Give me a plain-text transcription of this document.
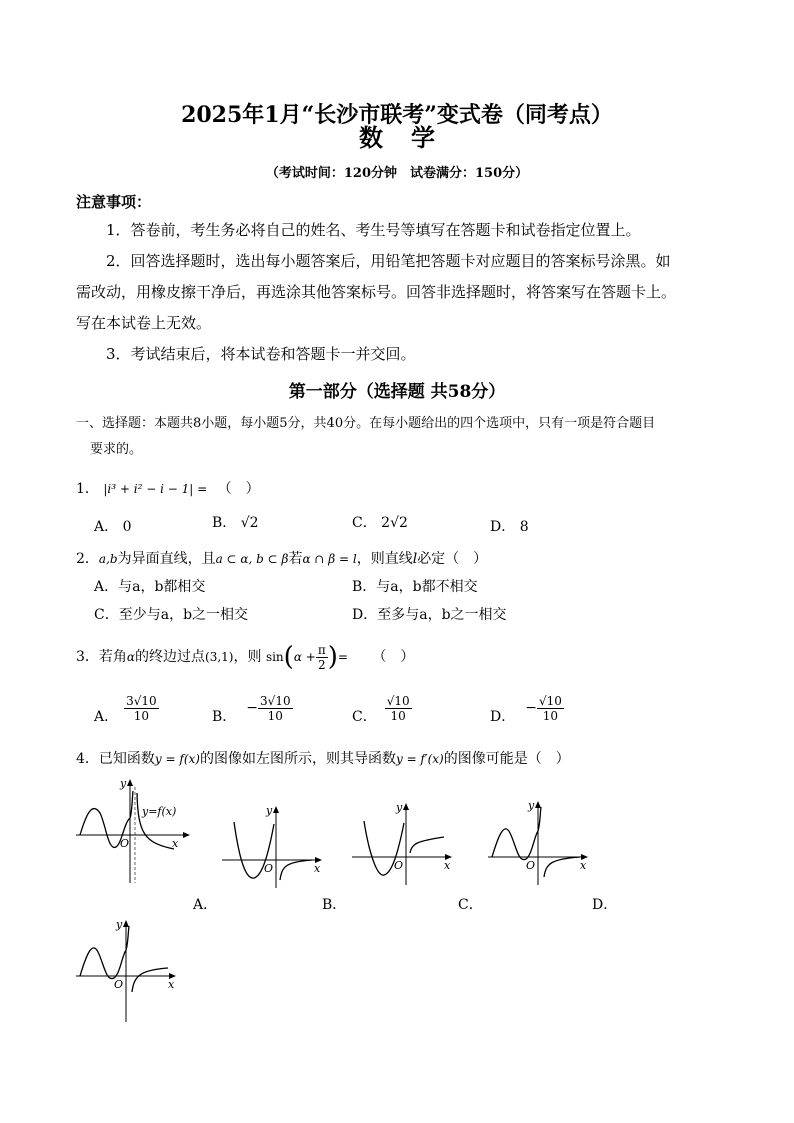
2025年1月“长沙市联考”变式卷（同考点）
数学
（考试时间：120分钟　试卷满分：150分）
注意事项：
1．答卷前，考生务必将自己的姓名、考生号等填写在答题卡和试卷指定位置上。
2．回答选择题时，选出每小题答案后，用铅笔把答题卡对应题目的答案标号涂黑。如
需改动，用橡皮擦干净后，再选涂其他答案标号。回答非选择题时，将答案写在答题卡上。
写在本试卷上无效。
3．考试结束后，将本试卷和答题卡一并交回。
第一部分（选择题 共58分）
一、选择题：本题共8小题，每小题5分，共40分。在每小题给出的四个选项中，只有一项是符合题目
要求的。
1． |i³ + i² − i − 1| = （　）
A． 0	B． √2	C． 2√2	D． 8
2．a,b为异面直线，且a ⊂ α, b ⊂ β若α ∩ β = l，则直线l必定（　）
A．与a，b都相交	B．与a，b都不相交
C．至少与a，b之一相交	D．至多与a，b之一相交
3．若角α的终边过点(3,1)，则 sin ( $\alpha + \frac{\pi}{2}$ ) = （　）
A． $\frac{3√10}{10}$	B．
− $\frac{3√10}{10}$	C． $\frac{√10}{10}$	D．
− $\frac{√10}{10}$
4．已知函数y = f(x)的图像如左图所示，则其导函数y = f′(x)的图像可能是（　）
y
y=f(x)
O	x
y
O	x
y
O	x
y
O	x
A．	B．	C．	D．
y
O	x
